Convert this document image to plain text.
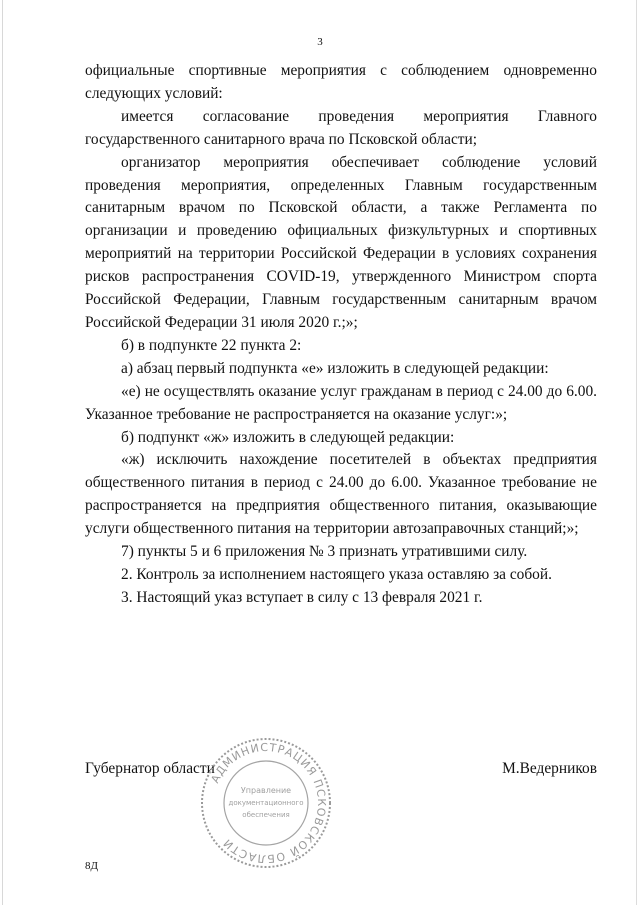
3

официальные спортивные мероприятия с соблюдением одновременно следующих условий:

имеется согласование проведения мероприятия Главного государственного санитарного врача по Псковской области;

организатор мероприятия обеспечивает соблюдение условий проведения мероприятия, определенных Главным государственным санитарным врачом по Псковской области, а также Регламента по организации и проведению официальных физкультурных и спортивных мероприятий на территории Российской Федерации в условиях сохранения рисков распространения COVID-19, утвержденного Министром спорта Российской Федерации, Главным государственным санитарным врачом Российской Федерации 31 июля 2020 г.;»;

б) в подпункте 22 пункта 2:

а) абзац первый подпункта «е» изложить в следующей редакции:

«е) не осуществлять оказание услуг гражданам в период с 24.00 до 6.00. Указанное требование не распространяется на оказание услуг:»;

б) подпункт «ж» изложить в следующей редакции:

«ж) исключить нахождение посетителей в объектах предприятия общественного питания в период с 24.00 до 6.00. Указанное требование не распространяется на предприятия общественного питания, оказывающие услуги общественного питания на территории автозаправочных станций;»;

7) пункты 5 и 6 приложения № 3 признать утратившими силу.

2. Контроль за исполнением настоящего указа оставляю за собой.

3. Настоящий указ вступает в силу с 13 февраля 2021 г.

Губернатор области	М.Ведерников
АДМИНИСТРАЦИЯ ПСКОВСКОЙ ОБЛАСТИ
Управление
документационного
обеспечения
8Д
